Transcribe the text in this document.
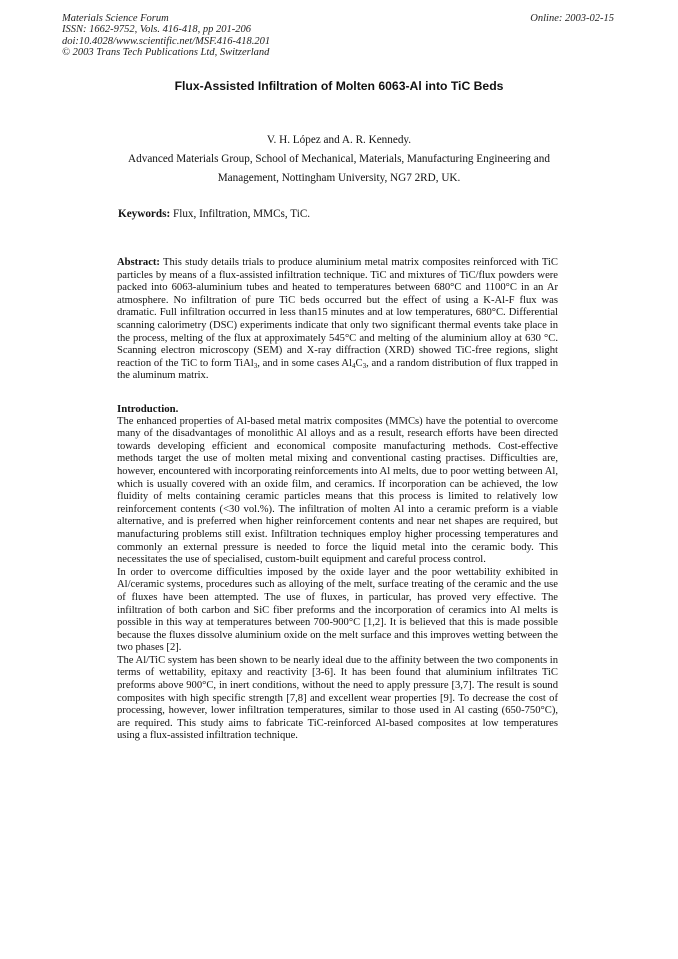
Materials Science Forum
ISSN: 1662-9752, Vols. 416-418, pp 201-206
doi:10.4028/www.scientific.net/MSF.416-418.201
© 2003 Trans Tech Publications Ltd, Switzerland
Online: 2003-02-15
Flux-Assisted Infiltration of Molten 6063-Al into TiC Beds
V. H. López and A. R. Kennedy.
Advanced Materials Group, School of Mechanical, Materials, Manufacturing Engineering and Management, Nottingham University, NG7 2RD, UK.
Keywords: Flux, Infiltration, MMCs, TiC.

Abstract: This study details trials to produce aluminium metal matrix composites reinforced with TiC particles by means of a flux-assisted infiltration technique. TiC and mixtures of TiC/flux powders were packed into 6063-aluminium tubes and heated to temperatures between 680°C and 1100°C in an Ar atmosphere. No infiltration of pure TiC beds occurred but the effect of using a K-Al-F flux was dramatic. Full infiltration occurred in less than15 minutes and at low temperatures, 680°C. Differential scanning calorimetry (DSC) experiments indicate that only two significant thermal events take place in the process, melting of the flux at approximately 545°C and melting of the aluminium alloy at 630 °C. Scanning electron microscopy (SEM) and X-ray diffraction (XRD) showed TiC-free regions, slight reaction of the TiC to form TiAl$_3$, and in some cases $Al_4C_3$, and a random distribution of flux trapped in the aluminum matrix.

Introduction.

The enhanced properties of Al-based metal matrix composites (MMCs) have the potential to overcome many of the disadvantages of monolithic Al alloys and as a result, research efforts have been directed towards developing efficient and economical composite manufacturing methods. Cost-effective methods target the use of molten metal mixing and conventional casting practises. Difficulties are, however, encountered with incorporating reinforcements into Al melts, due to poor wetting between Al, which is usually covered with an oxide film, and ceramics. If incorporation can be achieved, the low fluidity of melts containing ceramic particles means that this process is limited to relatively low reinforcement contents (<30 vol.%). The infiltration of molten Al into a ceramic preform is a viable alternative, and is preferred when higher reinforcement contents and near net shapes are required, but manufacturing problems still exist. Infiltration techniques employ higher processing temperatures and commonly an external pressure is needed to force the liquid metal into the ceramic body. This necessitates the use of specialised, custom-built equipment and careful process control.

In order to overcome difficulties imposed by the oxide layer and the poor wettability exhibited in Al/ceramic systems, procedures such as alloying of the melt, surface treating of the ceramic and the use of fluxes have been attempted. The use of fluxes, in particular, has proved very effective. The infiltration of both carbon and SiC fiber preforms and the incorporation of ceramics into Al melts is possible in this way at temperatures between 700-900°C [1,2]. It is believed that this is made possible because the fluxes dissolve aluminium oxide on the melt surface and this improves wetting between the two phases [2].

The Al/TiC system has been shown to be nearly ideal due to the affinity between the two components in terms of wettability, epitaxy and reactivity [3-6]. It has been found that aluminium infiltrates TiC preforms above 900°C, in inert conditions, without the need to apply pressure [3,7]. The result is sound composites with high specific strength [7,8] and excellent wear properties [9]. To decrease the cost of processing, however, lower infiltration temperatures, similar to those used in Al casting (650-750°C), are required. This study aims to fabricate TiC-reinforced Al-based composites at low temperatures using a flux-assisted infiltration technique.
